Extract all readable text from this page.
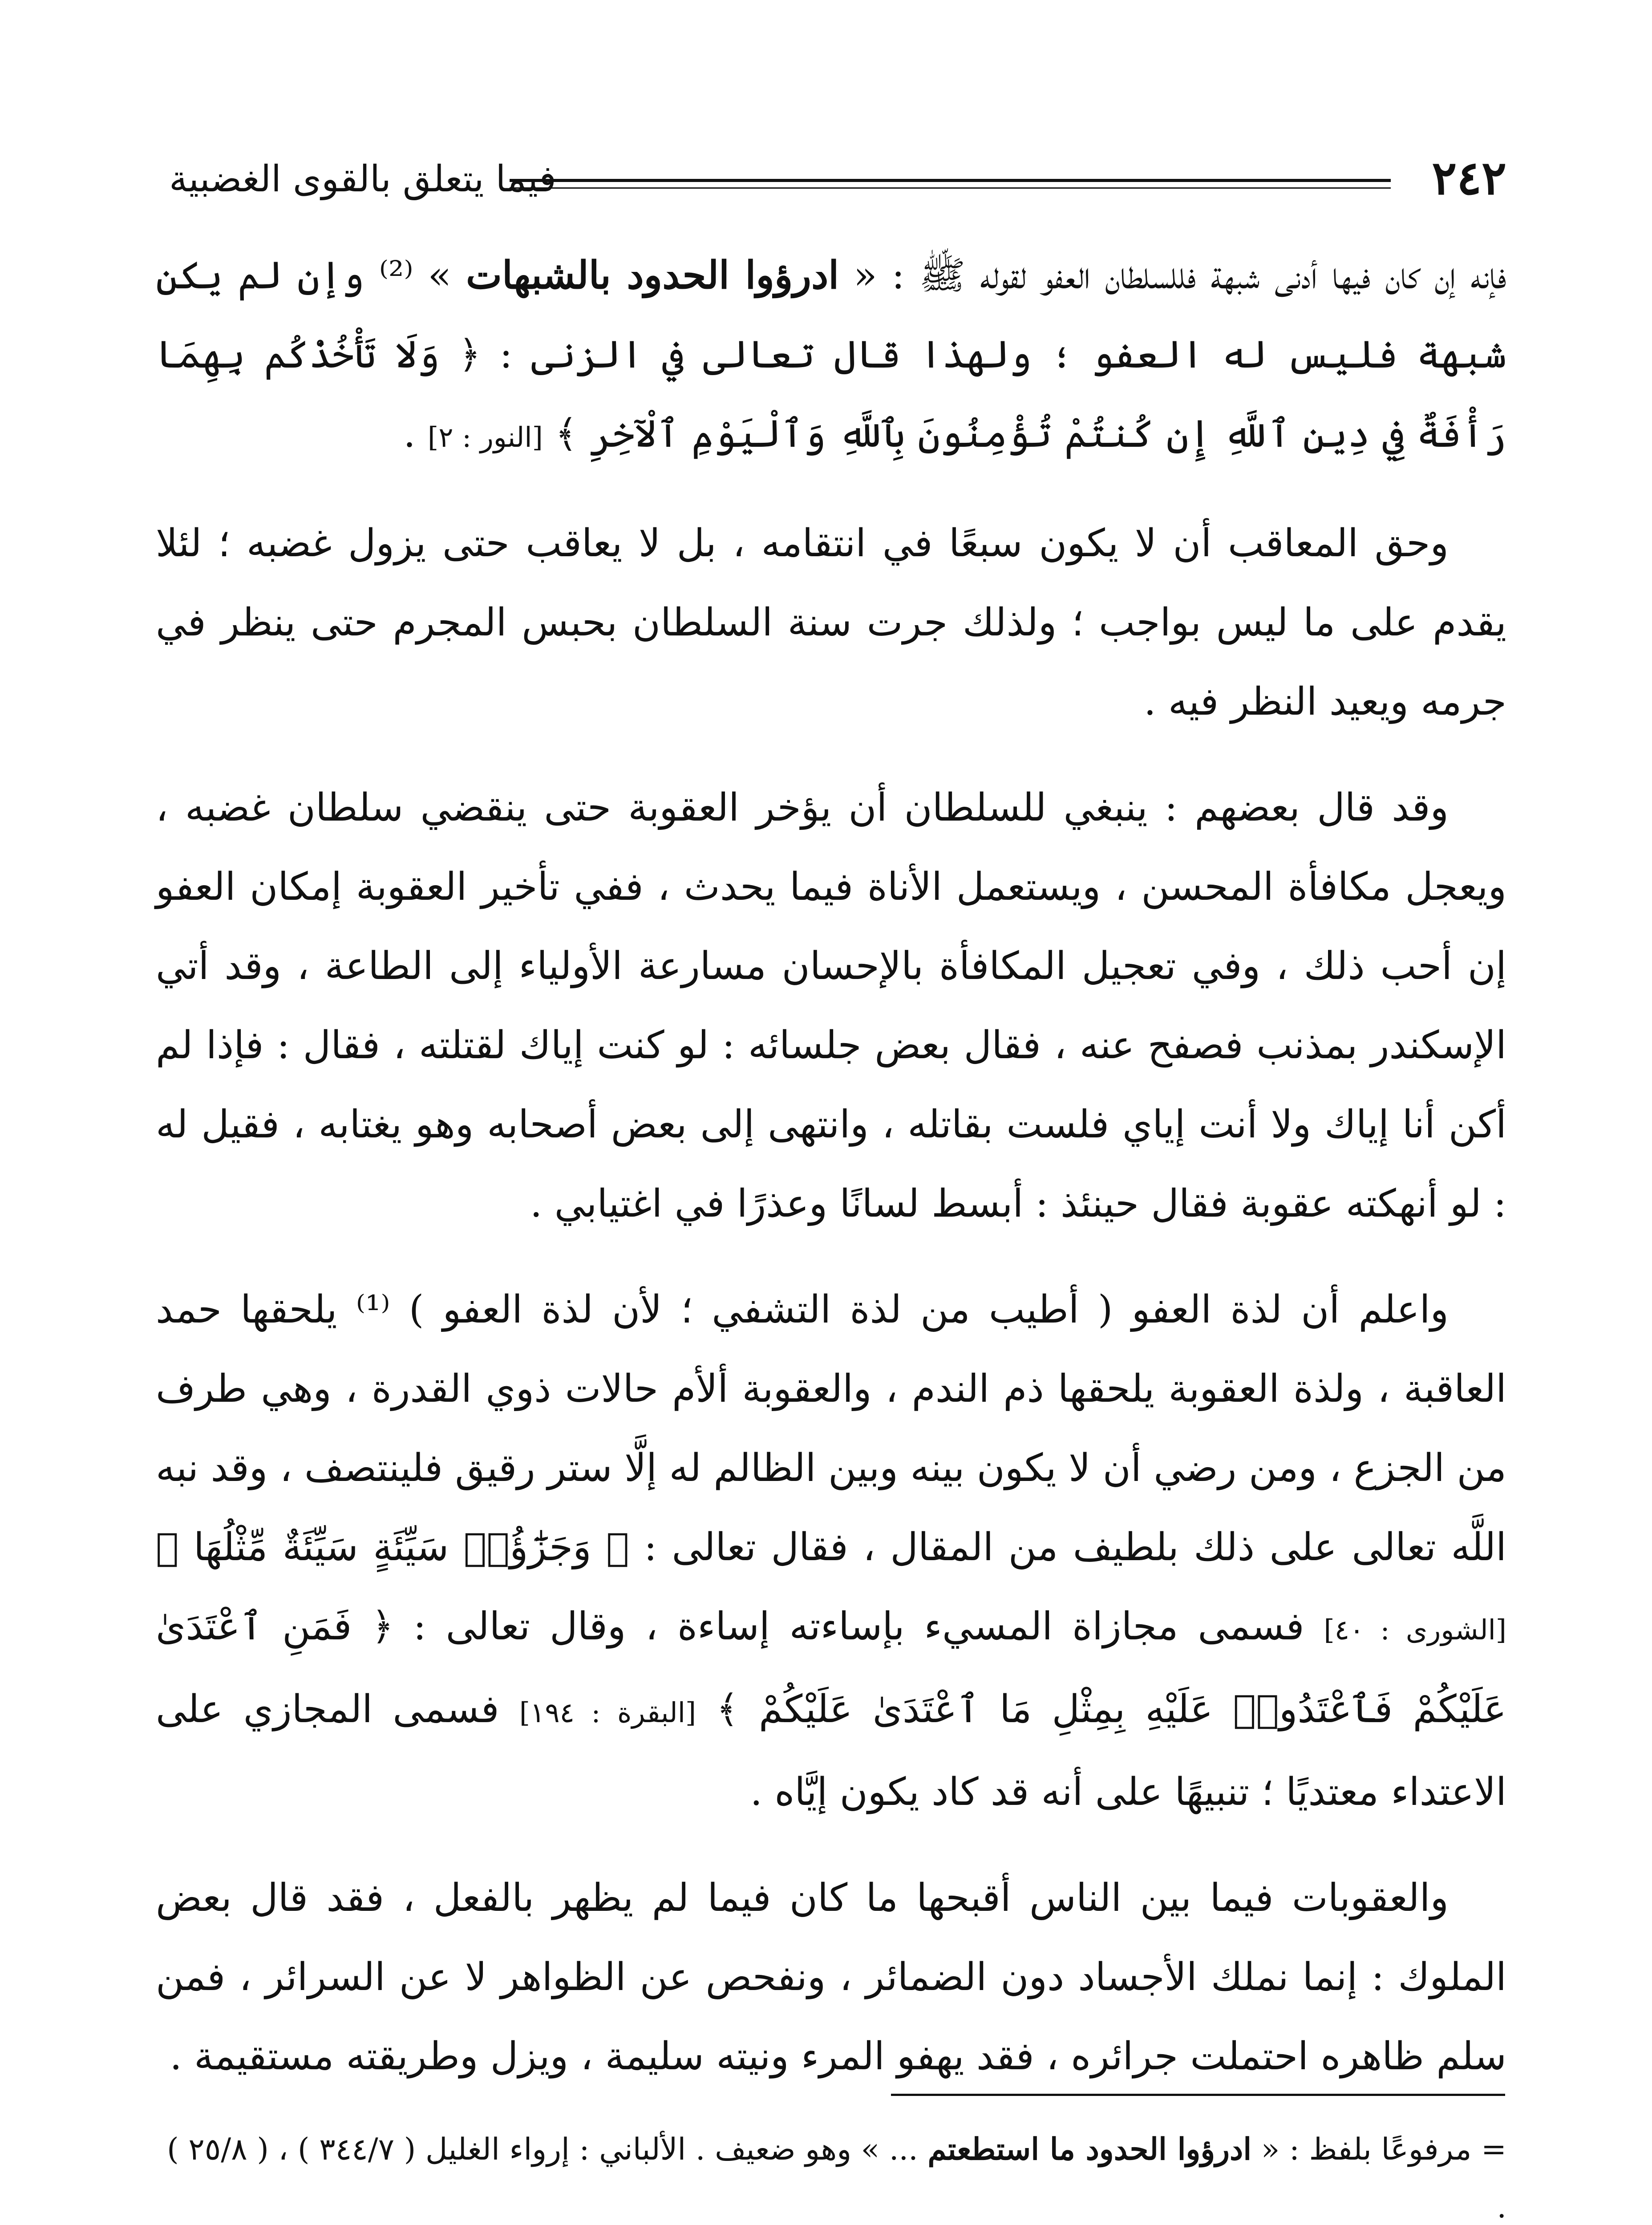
٢٤٢
فيما يتعلق بالقوى الغضبية

فإنه إن كان فيها أدنى شبهة فللسلطان العفو لقوله ﷺ : « ادرؤوا الحدود بالشبهات » ⁽²⁾ وإن لم يكن شبهة فليس له العفو ؛ ولهذا قال تعالى في الزنى : ﴿ وَلَا تَأْخُذْكُم بِهِمَا رَأْفَةٌ فِي دِينِ ٱللَّهِ إِن كُنتُمْ تُؤْمِنُونَ بِٱللَّهِ وَٱلْيَوْمِ ٱلْآخِرِ ﴾ [النور : ٢] .

وحق المعاقب أن لا يكون سبعًا في انتقامه ، بل لا يعاقب حتى يزول غضبه ؛ لئلا يقدم على ما ليس بواجب ؛ ولذلك جرت سنة السلطان بحبس المجرم حتى ينظر في جرمه ويعيد النظر فيه .

وقد قال بعضهم : ينبغي للسلطان أن يؤخر العقوبة حتى ينقضي سلطان غضبه ، ويعجل مكافأة المحسن ، ويستعمل الأناة فيما يحدث ، ففي تأخير العقوبة إمكان العفو إن أحب ذلك ، وفي تعجيل المكافأة بالإحسان مسارعة الأولياء إلى الطاعة ، وقد أتي الإسكندر بمذنب فصفح عنه ، فقال بعض جلسائه : لو كنت إياك لقتلته ، فقال : فإذا لم أكن أنا إياك ولا أنت إياي فلست بقاتله ، وانتهى إلى بعض أصحابه وهو يغتابه ، فقيل له : لو أنهكته عقوبة فقال حينئذ : أبسط لسانًا وعذرًا في اغتيابي .

واعلم أن لذة العفو ( أطيب من لذة التشفي ؛ لأن لذة العفو ) ⁽¹⁾ يلحقها حمد العاقبة ، ولذة العقوبة يلحقها ذم الندم ، والعقوبة ألأم حالات ذوي القدرة ، وهي طرف من الجزع ، ومن رضي أن لا يكون بينه وبين الظالم له إلَّا ستر رقيق فلينتصف ، وقد نبه اللَّه تعالى على ذلك بلطيف من المقال ، فقال تعالى : ﴿ وَجَزَٰٓؤُا۟ سَيِّئَةٍ سَيِّئَةٌ مِّثْلُهَا ﴾ [الشورى : ٤٠] فسمى مجازاة المسيء بإساءته إساءة ، وقال تعالى : ﴿ فَمَنِ ٱعْتَدَىٰ عَلَيْكُمْ فَٱعْتَدُوا۟ عَلَيْهِ بِمِثْلِ مَا ٱعْتَدَىٰ عَلَيْكُمْ ﴾ [البقرة : ١٩٤] فسمى المجازي على الاعتداء معتديًا ؛ تنبيهًا على أنه قد كاد يكون إيَّاه .

والعقوبات فيما بين الناس أقبحها ما كان فيما لم يظهر بالفعل ، فقد قال بعض الملوك : إنما نملك الأجساد دون الضمائر ، ونفحص عن الظواهر لا عن السرائر ، فمن سلم ظاهره احتملت جرائره ، فقد يهفو المرء ونيته سليمة ، ويزل وطريقته مستقيمة .

= مرفوعًا بلفظ : « ادرؤوا الحدود ما استطعتم ... » وهو ضعيف . الألباني : إرواء الغليل ( ٣٤٤/٧ ) ، ( ٢٥/٨ ) .
